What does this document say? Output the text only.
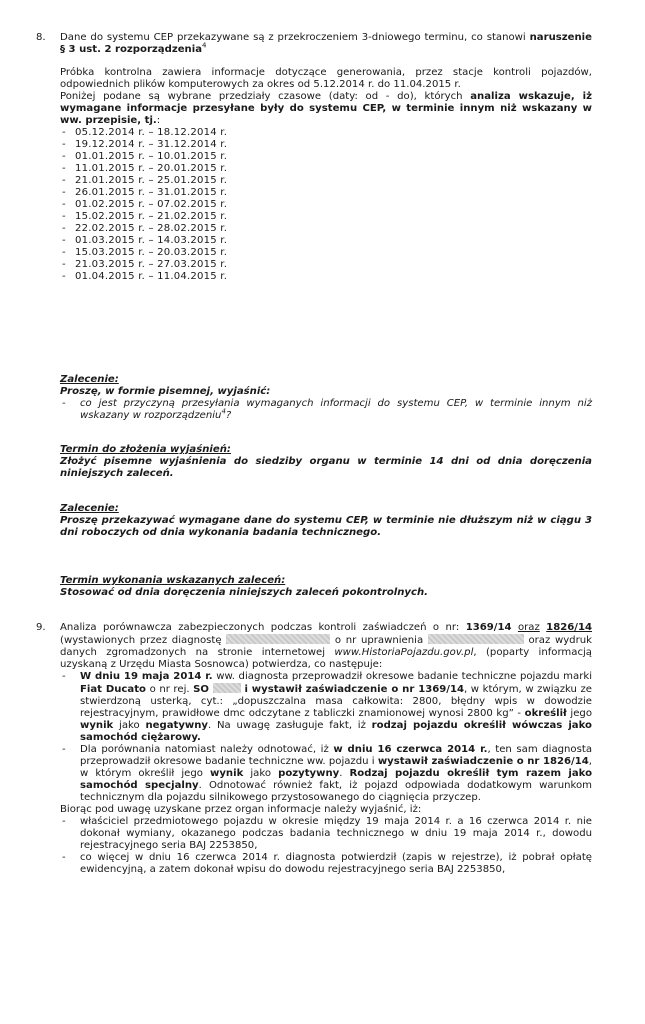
8. Dane do systemu CEP przekazywane są z przekroczeniem 3-dniowego terminu, co stanowi naruszenie § 3 ust. 2 rozporządzenia$^4$

Próbka kontrolna zawiera informacje dotyczące generowania, przez stacje kontroli pojazdów, odpowiednich plików komputerowych za okres od 5.12.2014 r. do 11.04.2015 r.

Poniżej podane są wybrane przedziały czasowe (daty: od - do), których analiza wskazuje, iż wymagane informacje przesyłane były do systemu CEP, w terminie innym niż wskazany w ww. przepisie, tj.:

- 05.12.2014 r. – 18.12.2014 r.
- 19.12.2014 r. – 31.12.2014 r.
- 01.01.2015 r. – 10.01.2015 r.
- 11.01.2015 r. – 20.01.2015 r.
- 21.01.2015 r. – 25.01.2015 r.
- 26.01.2015 r. – 31.01.2015 r.
- 01.02.2015 r. – 07.02.2015 r.
- 15.02.2015 r. – 21.02.2015 r.
- 22.02.2015 r. – 28.02.2015 r.
- 01.03.2015 r. – 14.03.2015 r.
- 15.03.2015 r. – 20.03.2015 r.
- 21.03.2015 r. – 27.03.2015 r.
- 01.04.2015 r. – 11.04.2015 r.

Zalecenie:

Proszę, w formie pisemnej, wyjaśnić:

- co jest przyczyną przesyłania wymaganych informacji do systemu CEP, w terminie innym niż wskazany w rozporządzeniu$^4$?

Termin do złożenia wyjaśnień:

Złożyć pisemne wyjaśnienia do siedziby organu w terminie 14 dni od dnia doręczenia niniejszych zaleceń.

Zalecenie:

Proszę przekazywać wymagane dane do systemu CEP, w terminie nie dłuższym niż w ciągu 3 dni roboczych od dnia wykonania badania technicznego.

Termin wykonania wskazanych zaleceń:

Stosować od dnia doręczenia niniejszych zaleceń pokontrolnych.

9. Analiza porównawcza zabezpieczonych podczas kontroli zaświadczeń o nr: 1369/14 oraz 1826/14 (wystawionych przez diagnostę	o nr uprawnienia	oraz wydruk danych zgromadzonych na stronie internetowej www.HistoriaPojazdu.gov.pl, (poparty informacją uzyskaną z Urzędu Miasta Sosnowca) potwierdza, co następuje:

- W dniu 19 maja 2014 r. ww. diagnosta przeprowadził okresowe badanie techniczne pojazdu marki Fiat Ducato o nr rej. SO	i wystawił zaświadczenie o nr 1369/14, w którym, w związku ze stwierdzoną usterką, cyt.: „dopuszczalna masa całkowita: 2800, błędny wpis w dowodzie rejestracyjnym, prawidłowe dmc odczytane z tabliczki znamionowej wynosi 2800 kg” - określił jego wynik jako negatywny. Na uwagę zasługuje fakt, iż rodzaj pojazdu określił wówczas jako samochód ciężarowy.
- Dla porównania natomiast należy odnotować, iż w dniu 16 czerwca 2014 r., ten sam diagnosta przeprowadził okresowe badanie techniczne ww. pojazdu i wystawił zaświadczenie o nr 1826/14, w którym określił jego wynik jako pozytywny. Rodzaj pojazdu określił tym razem jako samochód specjalny. Odnotować również fakt, iż pojazd odpowiada dodatkowym warunkom technicznym dla pojazdu silnikowego przystosowanego do ciągnięcia przyczep.

Biorąc pod uwagę uzyskane przez organ informacje należy wyjaśnić, iż:

- właściciel przedmiotowego pojazdu w okresie między 19 maja 2014 r. a 16 czerwca 2014 r. nie dokonał wymiany, okazanego podczas badania technicznego w dniu 19 maja 2014 r., dowodu rejestracyjnego seria BAJ 2253850,
- co więcej w dniu 16 czerwca 2014 r. diagnosta potwierdził (zapis w rejestrze), iż pobrał opłatę ewidencyjną, a zatem dokonał wpisu do dowodu rejestracyjnego seria BAJ 2253850,
